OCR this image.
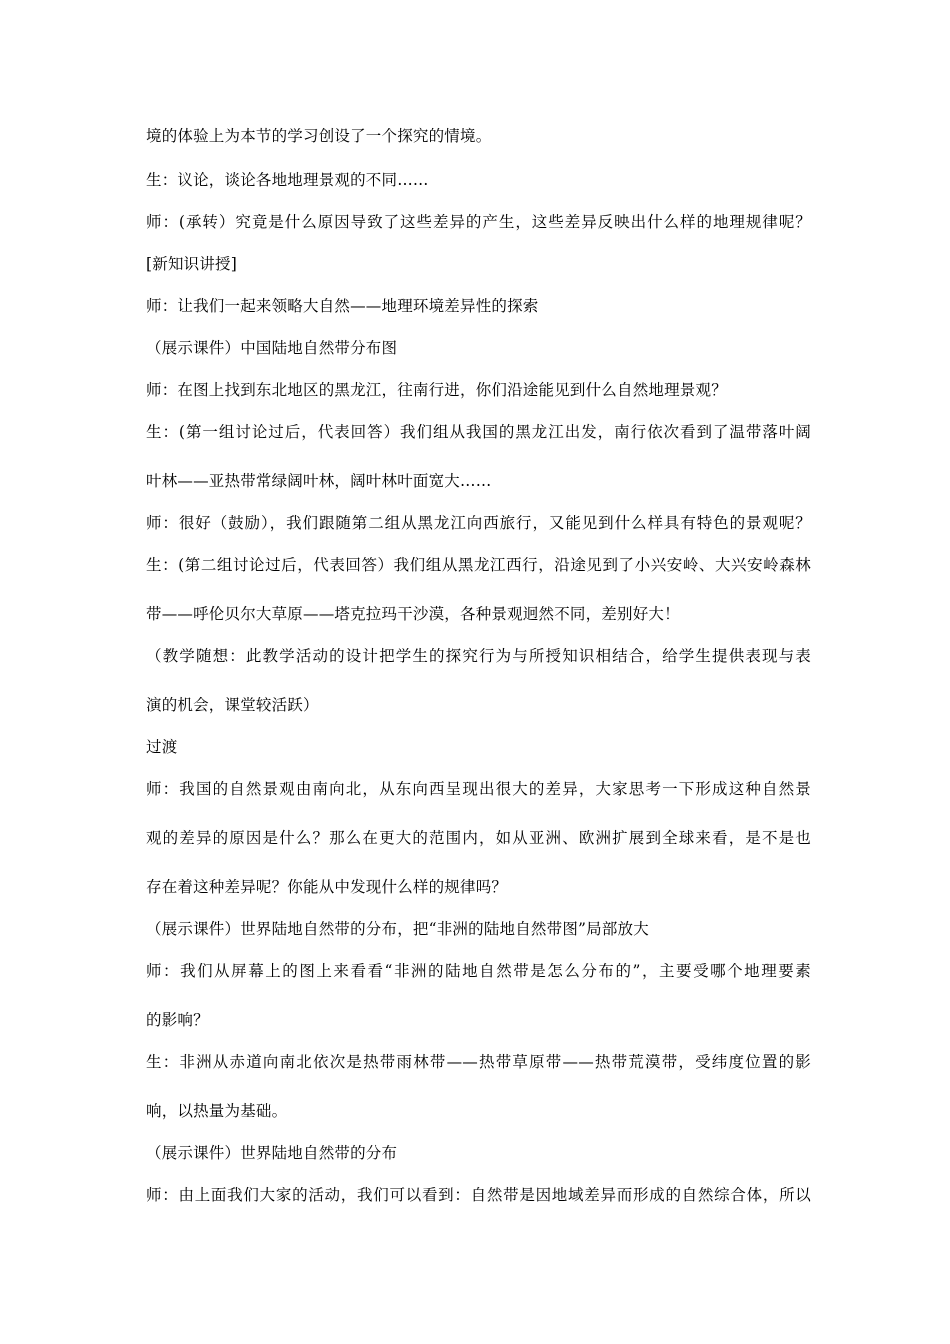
境的体验上为本节的学习创设了一个探究的情境。
生：议论，谈论各地地理景观的不同……
师：(承转）究竟是什么原因导致了这些差异的产生，这些差异反映出什么样的地理规律呢？
[新知识讲授]
师：让我们一起来领略大自然——地理环境差异性的探索
（展示课件）中国陆地自然带分布图
师：在图上找到东北地区的黑龙江，往南行进，你们沿途能见到什么自然地理景观？
生：(第一组讨论过后，代表回答）我们组从我国的黑龙江出发，南行依次看到了温带落叶阔
叶林——亚热带常绿阔叶林，阔叶林叶面宽大……
师：很好（鼓励），我们跟随第二组从黑龙江向西旅行，又能见到什么样具有特色的景观呢？
生：(第二组讨论过后，代表回答）我们组从黑龙江西行，沿途见到了小兴安岭、大兴安岭森林
带——呼伦贝尔大草原——塔克拉玛干沙漠，各种景观迥然不同，差别好大！
（教学随想：此教学活动的设计把学生的探究行为与所授知识相结合，给学生提供表现与表
演的机会，课堂较活跃）
过渡
师：我国的自然景观由南向北，从东向西呈现出很大的差异，大家思考一下形成这种自然景
观的差异的原因是什么？那么在更大的范围内，如从亚洲、欧洲扩展到全球来看，是不是也
存在着这种差异呢？你能从中发现什么样的规律吗？
（展示课件）世界陆地自然带的分布，把“非洲的陆地自然带图”局部放大
师：我们从屏幕上的图上来看看“非洲的陆地自然带是怎么分布的”，主要受哪个地理要素
的影响？
生：非洲从赤道向南北依次是热带雨林带——热带草原带——热带荒漠带，受纬度位置的影
响，以热量为基础。
（展示课件）世界陆地自然带的分布
师：由上面我们大家的活动，我们可以看到：自然带是因地域差异而形成的自然综合体，所以
